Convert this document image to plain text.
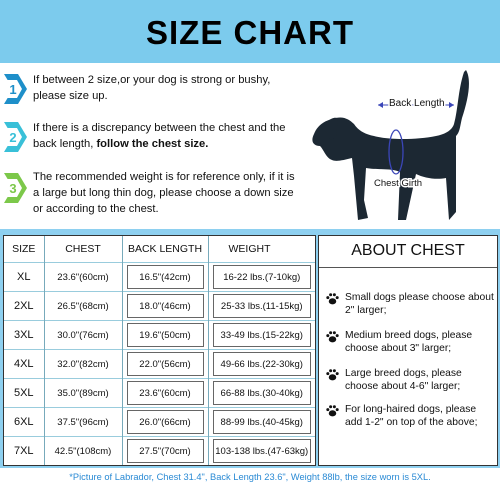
SIZE CHART
1
If between 2 size,or your dog is strong or bushy, please size up.
2
If there is a discrepancy between the chest and the back length, follow the chest size.
3
The recommended weight is for reference only, if it is a large but long thin dog, please choose a down size or according to the chest.
Back Length
Chest Girth
SIZE	CHEST	BACK LENGTH	WEIGHT
XL	23.6"(60cm)	16.5"(42cm)	16-22 lbs.(7-10kg)

2XL	26.5"(68cm)	18.0"(46cm)	25-33 lbs.(11-15kg)

3XL	30.0"(76cm)	19.6"(50cm)	33-49 lbs.(15-22kg)

4XL	32.0"(82cm)	22.0"(56cm)	49-66 lbs.(22-30kg)

5XL	35.0"(89cm)	23.6"(60cm)	66-88 lbs.(30-40kg)

6XL	37.5"(96cm)	26.0"(66cm)	88-99 lbs.(40-45kg)

7XL	42.5"(108cm)	27.5"(70cm)	103-138 lbs.(47-63kg)
ABOUT CHEST
Small dogs please choose about 2" larger;
Medium breed dogs, please choose about 3" larger;
Large breed dogs, please choose about 4-6" larger;
For long-haired dogs, please add 1-2" on top of the above;
*Picture of Labrador, Chest 31.4", Back Length 23.6", Weight 88lb, the size worn is 5XL.
